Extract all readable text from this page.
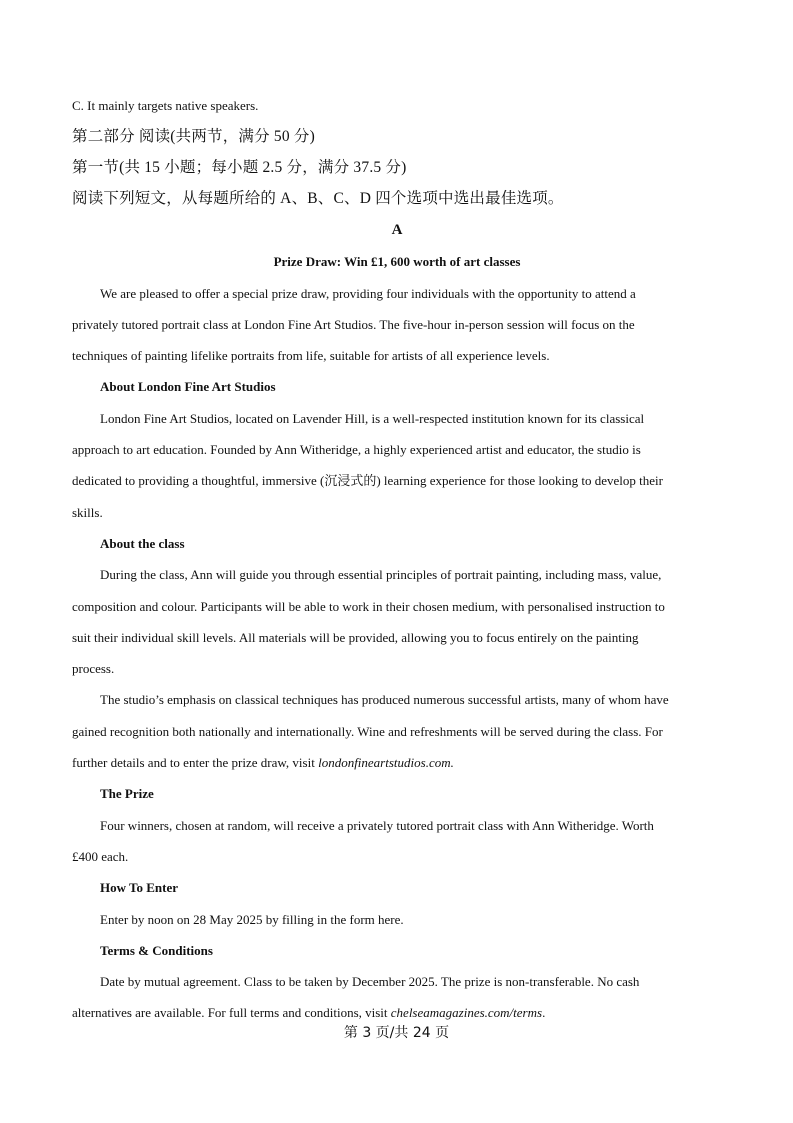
C. It mainly targets native speakers.
第二部分 阅读(共两节，满分 50 分)
第一节(共 15 小题；每小题 2.5 分，满分 37.5 分)
阅读下列短文，从每题所给的 A、B、C、D 四个选项中选出最佳选项。
A
Prize Draw: Win £1, 600 worth of art classes
We are pleased to offer a special prize draw, providing four individuals with the opportunity to attend a
privately tutored portrait class at London Fine Art Studios. The five-hour in-person session will focus on the
techniques of painting lifelike portraits from life, suitable for artists of all experience levels.
About London Fine Art Studios
London Fine Art Studios, located on Lavender Hill, is a well-respected institution known for its classical
approach to art education. Founded by Ann Witheridge, a highly experienced artist and educator, the studio is
dedicated to providing a thoughtful, immersive (沉浸式的) learning experience for those looking to develop their
skills.
About the class
During the class, Ann will guide you through essential principles of portrait painting, including mass, value,
composition and colour. Participants will be able to work in their chosen medium, with personalised instruction to
suit their individual skill levels. All materials will be provided, allowing you to focus entirely on the painting
process.
The studio’s emphasis on classical techniques has produced numerous successful artists, many of whom have
gained recognition both nationally and internationally. Wine and refreshments will be served during the class. For
further details and to enter the prize draw, visit londonfineartstudios.com.
The Prize
Four winners, chosen at random, will receive a privately tutored portrait class with Ann Witheridge. Worth
£400 each.
How To Enter
Enter by noon on 28 May 2025 by filling in the form here.
Terms & Conditions
Date by mutual agreement. Class to be taken by December 2025. The prize is non-transferable. No cash
alternatives are available. For full terms and conditions, visit chelseamagazines.com/terms.
第 3 页/共 24 页
